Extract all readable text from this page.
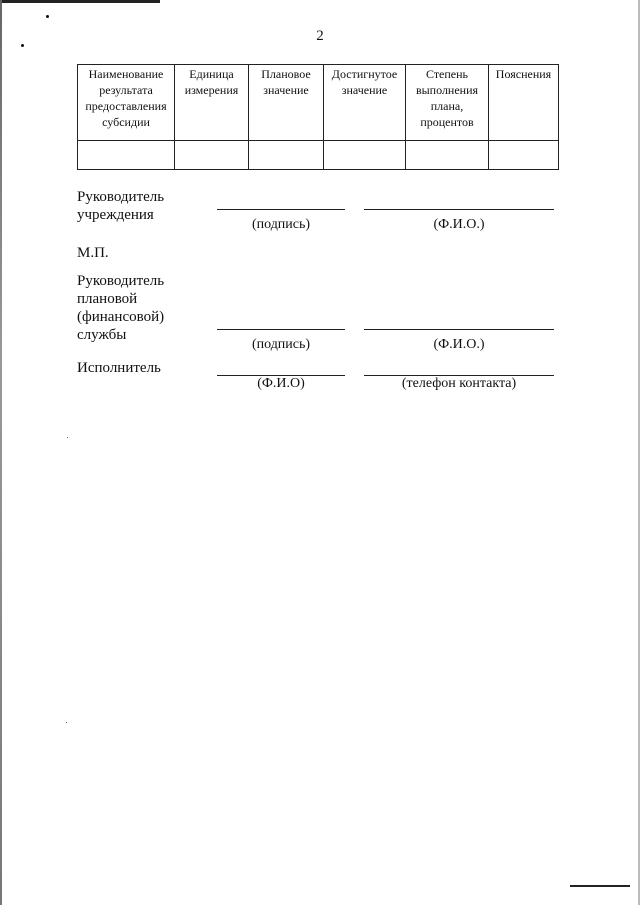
2
Наименование результата предоставления субсидии	Единица измерения	Плановое значение	Достигнутое значение	Степень выполнения плана, процентов	Пояснения

Руководитель учреждения
(подпись)	(Ф.И.О.)
М.П.
Руководитель плановой (финансовой) службы
(подпись)	(Ф.И.О.)
Исполнитель
(Ф.И.О)	(телефон контакта)
